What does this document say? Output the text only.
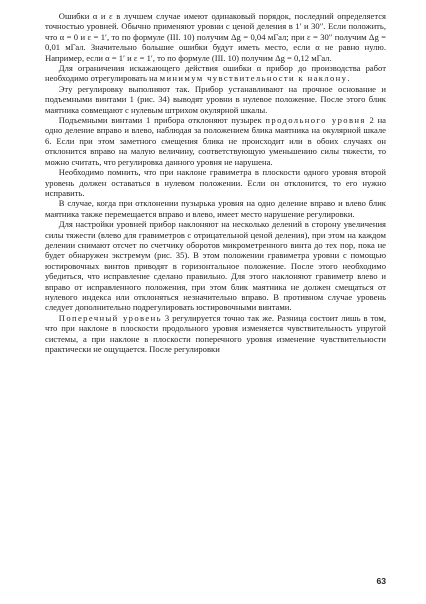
Ошибки α и ε в лучшем случае имеют одинаковый порядок, последний определяется точностью уровней. Обычно применяют уровни с ценой деления в 1′ и 30″. Если положить, что α = 0 и ε = 1′, то по формуле (III. 10) получим Δg = 0,04 мГал; при ε = 30″ получим Δg = 0,01 мГал. Значительно большие ошибки будут иметь место, если α не равно нулю. Например, если α = 1′ и ε = 1′, то по формуле (III. 10) получим Δg = 0,12 мГал.

Для ограничения искажающего действия ошибки α прибор до производства работ необходимо отрегулировать на минимум чувствительности к наклону.

Эту регулировку выполняют так. Прибор устанавливают на прочное основание и подъемными винтами 1 (рис. 34) выводят уровни в нулевое положение. После этого блик маятника совмещают с нулевым штрихом окулярной шкалы.

Подъемными винтами 1 прибора отклоняют пузырек продольного уровня 2 на одно деление вправо и влево, наблюдая за положением блика маятника на окулярной шкале 6. Если при этом заметного смещения блика не происходит или в обоих случаях он отклонится вправо на малую величину, соответствующую уменьшению силы тяжести, то можно считать, что регулировка данного уровня не нарушена.

Необходимо помнить, что при наклоне гравиметра в плоскости одного уровня второй уровень должен оставаться в нулевом положении. Если он отклонится, то его нужно исправить.

В случае, когда при отклонении пузырька уровня на одно деление вправо и влево блик маятника также перемещается вправо и влево, имеет место нарушение регулировки.

Для настройки уровней прибор наклоняют на несколько делений в сторону увеличения силы тяжести (влево для гравиметров с отрицательной ценой деления), при этом на каждом делении снимают отсчет по счетчику оборотов микрометренного винта до тех пор, пока не будет обнаружен экстремум (рис. 35). В этом положении гравиметра уровни с помощью юстировочных винтов приводят в горизонтальное положение. После этого необходимо убедиться, что исправление сделано правильно. Для этого наклоняют гравиметр влево и вправо от исправленного положения, при этом блик маятника не должен смещаться от нулевого индекса или отклоняться незначительно вправо. В противном случае уровень следует дополнительно подрегулировать юстировочными винтами.

Поперечный уровень 3 регулируется точно так же. Разница состоит лишь в том, что при наклоне в плоскости продольного уровня изменяется чувствительность упругой системы, а при наклоне в плоскости поперечного уровня изменение чувствительности практически не ощущается. После регулировки

63
